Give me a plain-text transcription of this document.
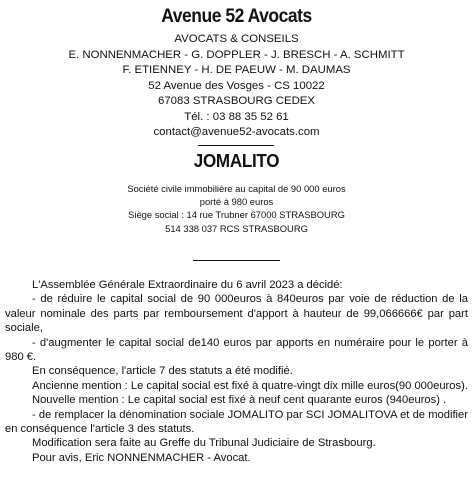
Avenue 52 Avocats
AVOCATS & CONSEILS
E. NONNENMACHER - G. DOPPLER - J. BRESCH - A. SCHMITT
F. ETIENNEY - H. DE PAEUW - M. DAUMAS
52 Avenue des Vosges - CS 10022
67083 STRASBOURG CEDEX
Tél. : 03 88 35 52 61
contact@avenue52-avocats.com
JOMALITO
Société civile immobilière au capital de 90 000 euros
porté à 980 euros
Siège social : 14 rue Trubner 67000 STRASBOURG
514 338 037 RCS STRASBOURG

L'Assemblée Générale Extraordinaire du 6 avril 2023 a décidé:

- de réduire le capital social de 90 000euros à 840euros par voie de réduction de la valeur nominale des parts par remboursement d'apport à hauteur de 99,066666€ par part sociale,

- d'augmenter le capital social de140 euros par apports en numéraire pour le porter à 980 €.

En conséquence, l'article 7 des statuts a été modifié.

Ancienne mention : Le capital social est fixé à quatre-vingt dix mille euros(90 000euros).

Nouvelle mention : Le capital social est fixé à neuf cent quarante euros (940euros) .

- de remplacer la dénomination sociale JOMALITO par SCI JOMALITOVA et de modifier en conséquence l'article 3 des statuts.

Modification sera faite au Greffe du Tribunal Judiciaire de Strasbourg.

Pour avis, Eric NONNENMACHER - Avocat.
